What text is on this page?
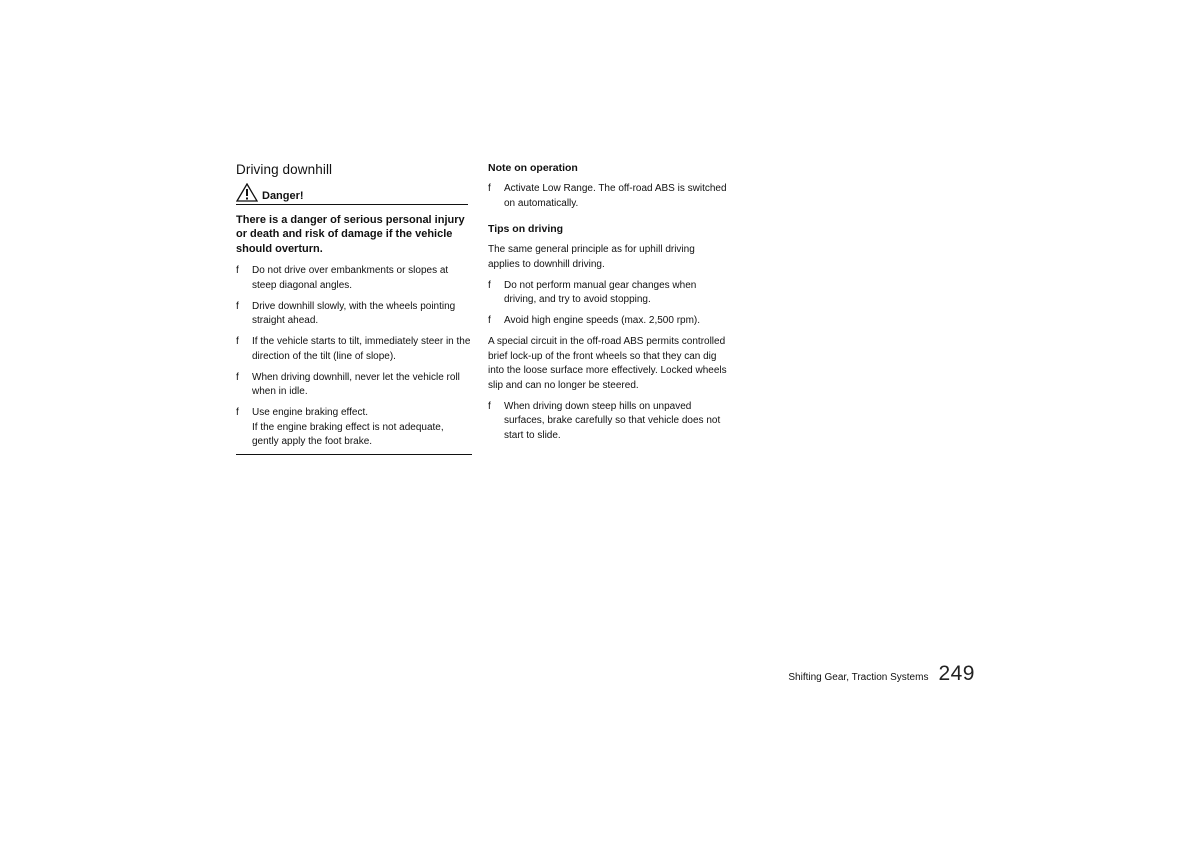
Driving downhill
Danger!

There is a danger of serious personal injury or death and risk of damage if the vehicle should overturn.

f Do not drive over embankments or slopes at steep diagonal angles.
f Drive downhill slowly, with the wheels pointing straight ahead.
f If the vehicle starts to tilt, immediately steer in the direction of the tilt (line of slope).
f When driving downhill, never let the vehicle roll when in idle.
f Use engine braking effect.
If the engine braking effect is not adequate, gently apply the foot brake.
Note on operation
f Activate Low Range. The off-road ABS is switched on automatically.
Tips on driving

The same general principle as for uphill driving applies to downhill driving.

f Do not perform manual gear changes when driving, and try to avoid stopping.
f Avoid high engine speeds (max. 2,500 rpm).

A special circuit in the off-road ABS permits controlled brief lock-up of the front wheels so that they can dig into the loose surface more effectively. Locked wheels slip and can no longer be steered.

f When driving down steep hills on unpaved surfaces, brake carefully so that vehicle does not start to slide.
Shifting Gear, Traction Systems 249
